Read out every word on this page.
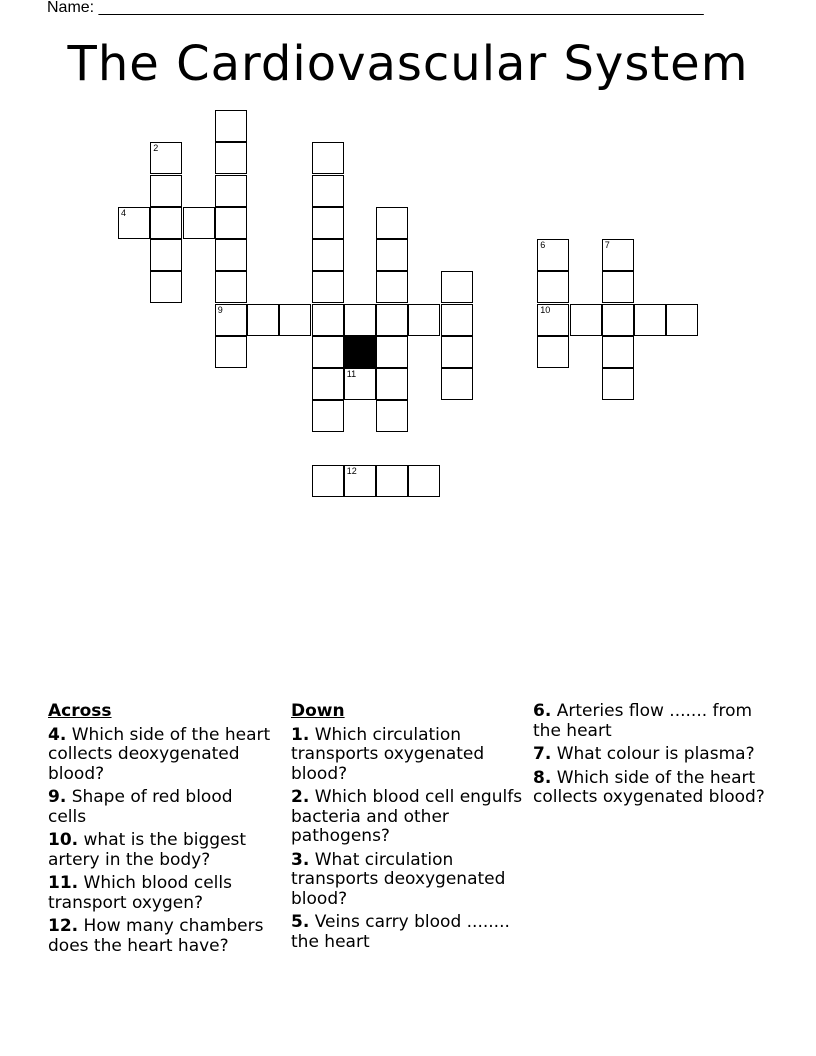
Name: ____________________________________________________________________
The Cardiovascular System
2
4
6	7
9	10
11
12
Across
4. Which side of the heart collects deoxygenated blood?
9. Shape of red blood cells
10. what is the biggest artery in the body?
11. Which blood cells transport oxygen?
12. How many chambers does the heart have?
Down
1. Which circulation transports oxygenated blood?
2. Which blood cell engulfs bacteria and other pathogens?
3. What circulation transports deoxygenated blood?
5. Veins carry blood ........ the heart
6. Arteries flow ....... from the heart
7. What colour is plasma?
8. Which side of the heart collects oxygenated blood?
